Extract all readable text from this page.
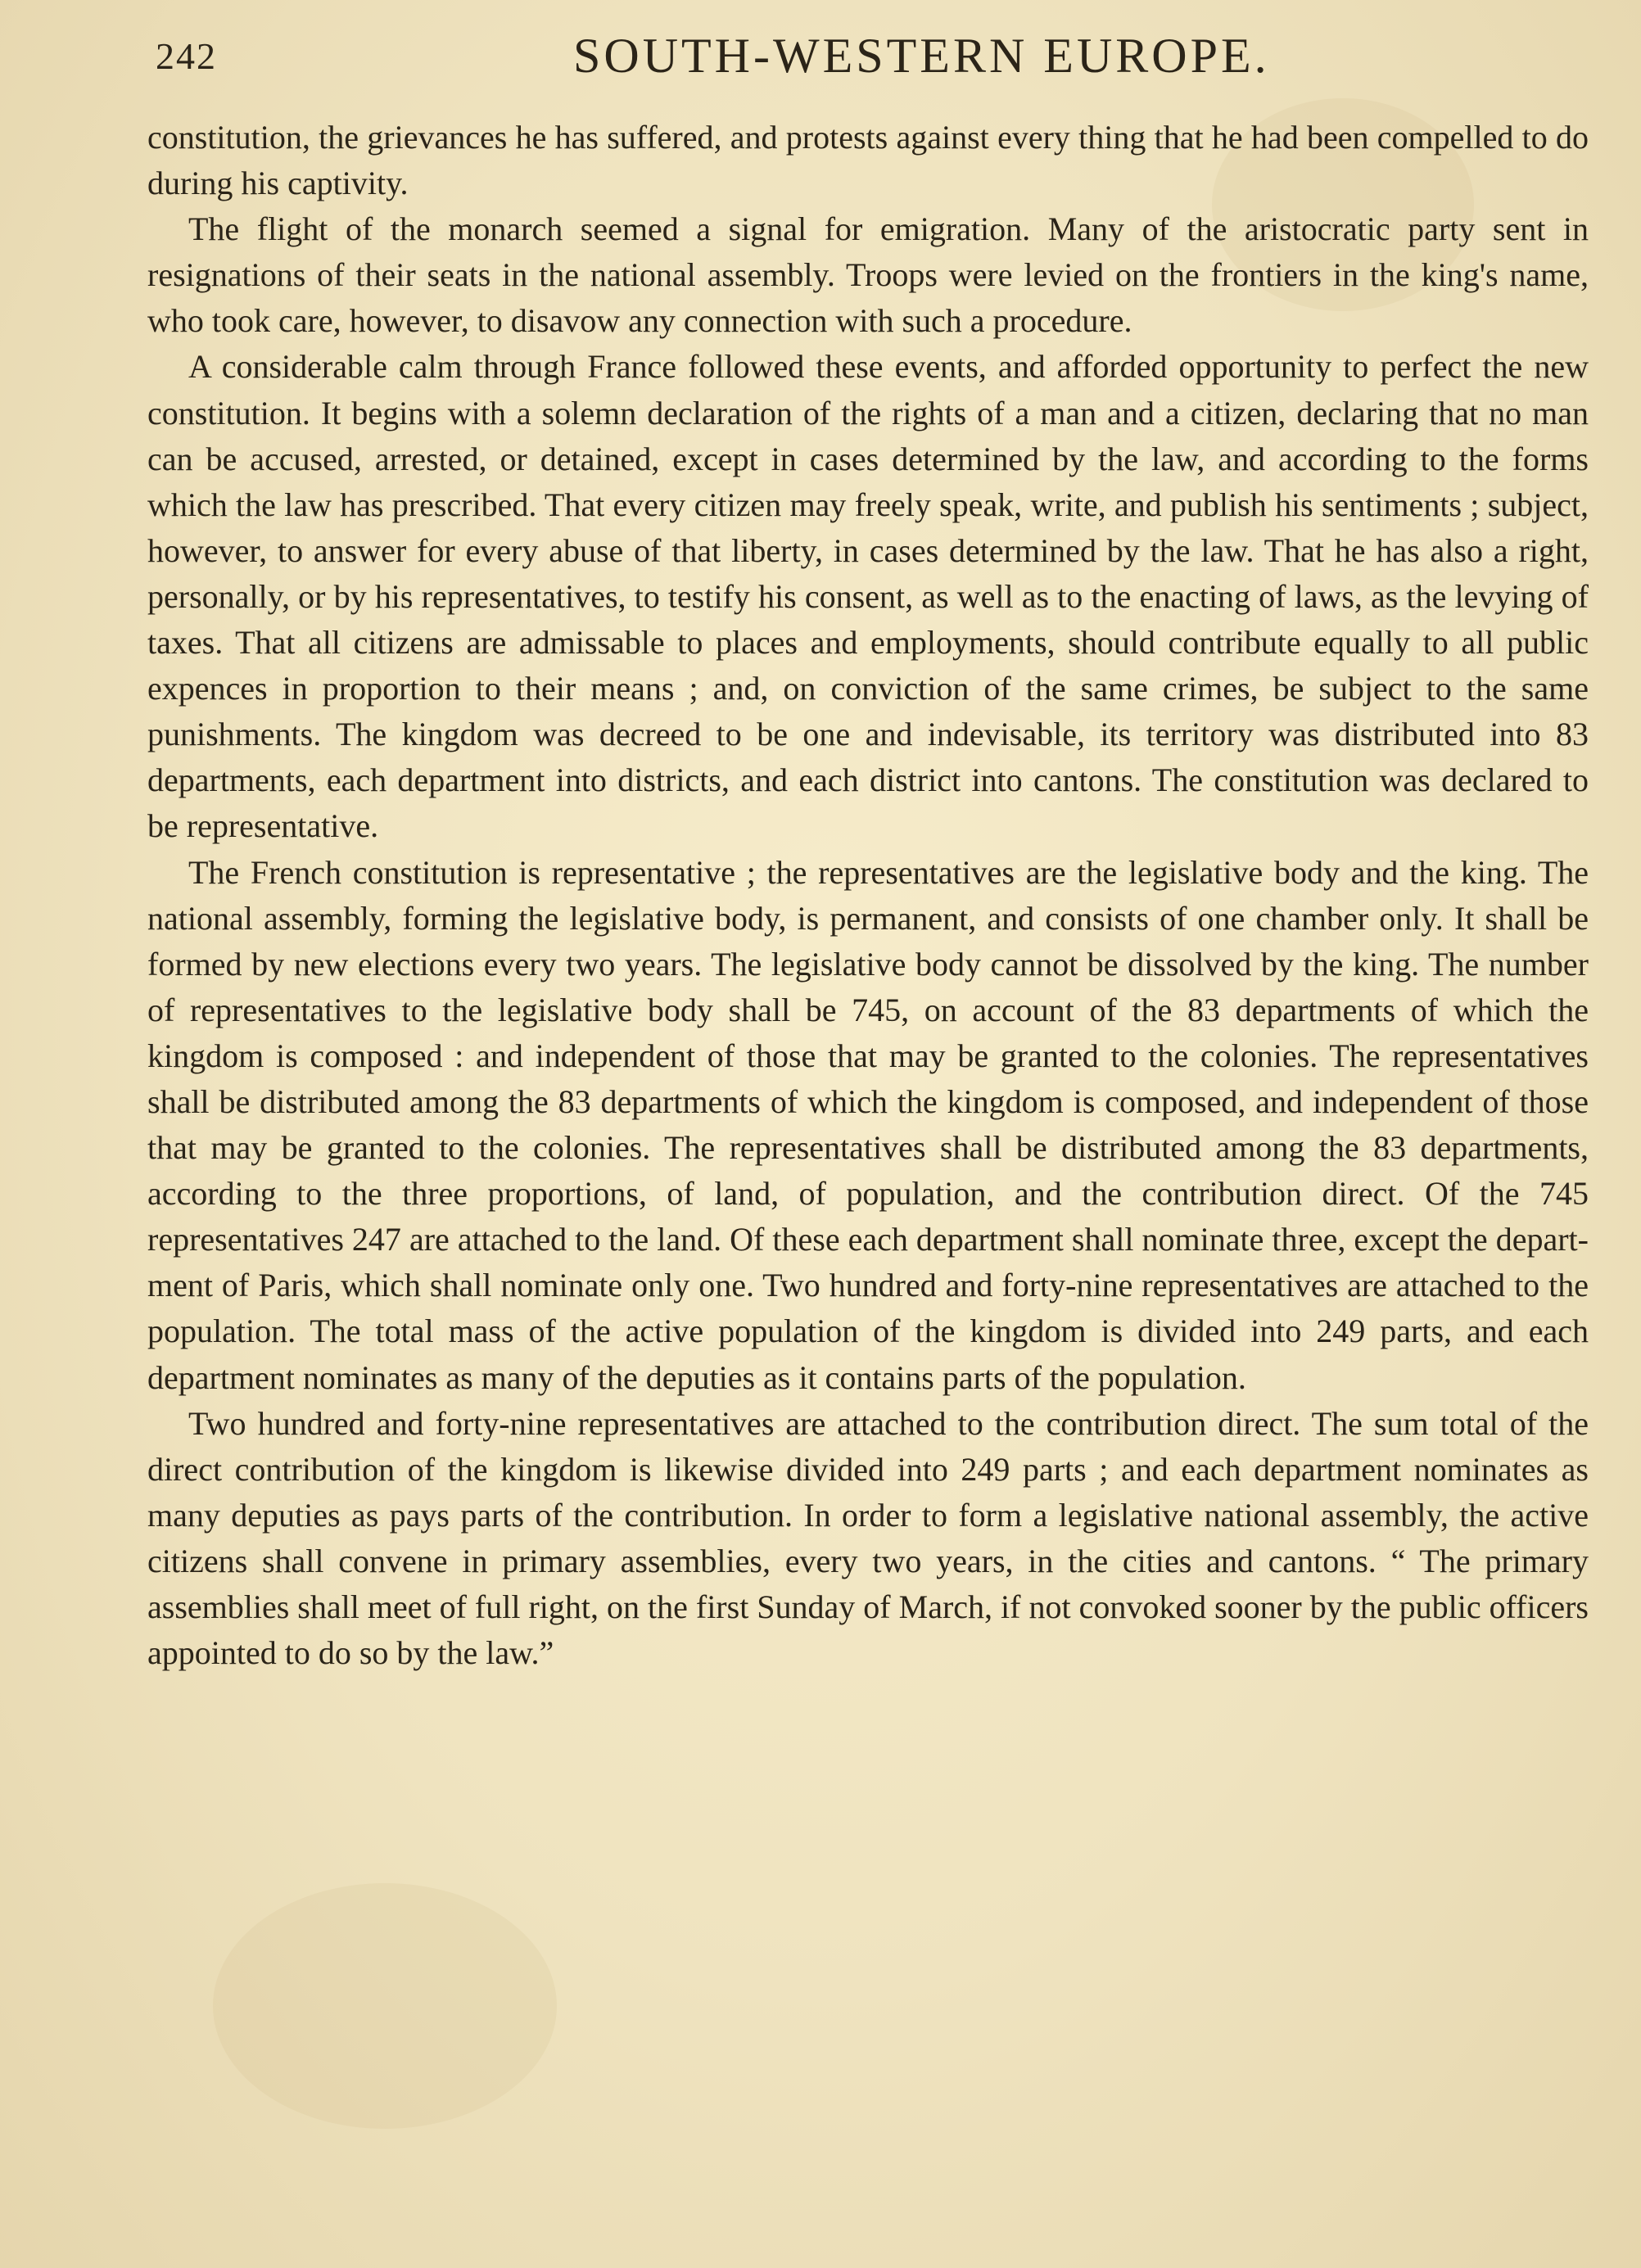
242	SOUTH-WESTERN EUROPE.

constitution, the grievances he has suffered, and protests against every thing that he had been compelled to do during his captivity.

The flight of the monarch seemed a signal for emigration. Many of the aristocratic party sent in resignations of their seats in the national assembly. Troops were levied on the frontiers in the king's name, who took care, however, to disavow any connection with such a procedure.

A considerable calm through France followed these events, and afforded opportunity to perfect the new constitution. It begins with a solemn declaration of the rights of a man and a citizen, declaring that no man can be accused, arrested, or detained, except in cases determined by the law, and according to the forms which the law has prescribed. That every citizen may freely speak, write, and publish his sentiments ; subject, however, to answer for every abuse of that liberty, in cases determined by the law. That he has also a right, personally, or by his representatives, to testify his consent, as well as to the enacting of laws, as the levying of taxes. That all citizens are admissable to places and employments, should contribute equally to all public expences in proportion to their means ; and, on conviction of the same crimes, be subject to the same punishments. The kingdom was decreed to be one and indevisable, its territory was distributed into 83 departments, each department into districts, and each district into cantons. The constitution was declared to be representative.

The French constitution is representative ; the representatives are the legislative body and the king. The national assembly, forming the legislative body, is permanent, and consists of one chamber only. It shall be formed by new elections every two years. The legislative body cannot be dissolved by the king. The number of representatives to the legislative body shall be 745, on account of the 83 departments of which the kingdom is composed : and independent of those that may be granted to the colonies. The representatives shall be distributed among the 83 departments of which the kingdom is composed, and independent of those that may be granted to the colonies. The representatives shall be distributed among the 83 departments, according to the three proportions, of land, of population, and the contribution direct. Of the 745 representatives 247 are attached to the land. Of these each department shall nominate three, except the department of Paris, which shall nominate only one. Two hundred and forty-nine representatives are attached to the population. The total mass of the active population of the kingdom is divided into 249 parts, and each department nominates as many of the deputies as it contains parts of the population.

Two hundred and forty-nine representatives are attached to the contribution direct. The sum total of the direct contribution of the kingdom is likewise divided into 249 parts ; and each department nominates as many deputies as pays parts of the contribution. In order to form a legislative national assembly, the active citizens shall convene in primary assemblies, every two years, in the cities and cantons. “ The primary assemblies shall meet of full right, on the first Sunday of March, if not convoked sooner by the public officers appointed to do so by the law.”
